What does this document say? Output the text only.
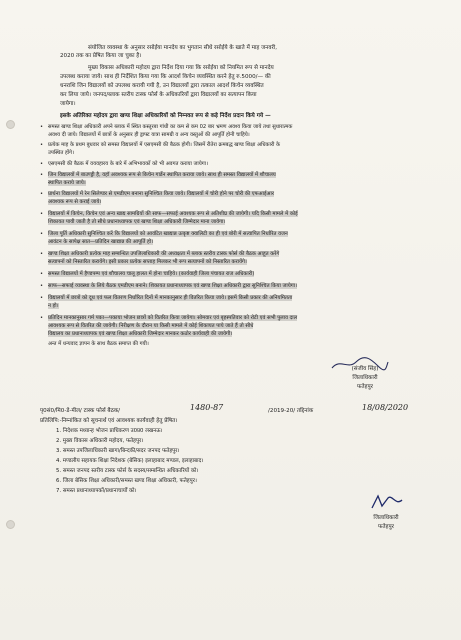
संयोजित व्यवस्था के अनुसार रसोईया मानदेय का भुगतान सीधे रसोईये के खाते में माह जनवरी,
2020 तक का प्रेषित किया जा चुका है।
मुख्य विकास अधिकारी महोदय द्वारा निर्देश दिया गया कि रसोईया को नियमित रूप से मानदेय
उपलब्ध कराया जाये। साथ ही निर्देशित किया गया कि आदर्श किचेन व्यवस्थित करने हेतु रु.5000/— की
धनराशि जिन विद्यालयों को उपलब्ध करायी गयी है, उन विद्यालयों द्वारा तत्काल आदर्श किचेन व्यवस्थित
कर लिया जाये। जनपद/ब्लाक स्तरीय टास्क फोर्स के अधिकारियों द्वारा विद्यालयों का सत्यापन किया
जायेगा।
इसके अतिरिक्त महोदय द्वारा खण्ड शिक्षा अधिकारियों को निम्नवत रूप से कड़े निर्देश प्रदान किये गये —
• समस्त खण्ड शिक्षा अधिकारी अपने ब्लाक में स्थित कस्तूरबा गांधी का कम से कम 02 बार भ्रमण अवश्य किया जाये तथा सुधारात्मक
अवश्य दी जाये। विद्यालयों में छात्रों के अनुसार ही ड्राफ्ट यात्रा सामग्री व अन्य वस्तुओं की आपूर्ति होनी चाहिये।
• प्रत्येक माह के प्रथम बुधवार को समस्त विद्यालयों में एसएमसी की बैठक होगी। जिसमें रीतेरा क्रमबद्ध खण्ड शिक्षा अधिकारी के
उपस्थित होंगे।
• एसएमसी की बैठक में वयवहारय के बारे में अभिभावकों को भी अवगत कराया जायेगा।
• जिन विद्यालयों में बाउण्ड्री है, वहाँ अवश्यक रूप से किचेन गार्डेन स्थापित कराया जाये। साथ ही समस्त विद्यालयों में शौचालय
स्थापित कराये जाये।
• प्रार्थना विद्यालयों में रेन सिलेण्डर से एमडीएम बनाना सुनिश्चित किया जाये। विद्यालयों में चोरी होने पर चोरी की एफआईआर
अवश्यक रूप से कराई जाये।
• विद्यालयों में किचेन, किचेन एवं अन्य खाद्य सामग्रियों की साफ—सफाई अवश्यक रूप से अतिशीघ्र की जायेगी। यदि किसी मामले में कोई
शिकायत पायी जाती है तो सीधे प्रधानाध्यापक एवं खण्ड शिक्षा अधिकारी जिम्मेदार माना जायेगा।
• जिला पूर्ति अधिकारी सुनिश्चित करें कि विद्यालयों को आवंटित खाद्यान्न उत्कृष्ट क्वालिटी का ही एवं बोरी में सत्यापित निर्धारित वजन
आवंटन के सापेक्ष सात—प्रतिदिन खाद्यान्न की आपूर्ति हो।
• खण्ड शिक्षा अधिकारी प्रत्येक माह सम्बन्धित उपजिलाधिकारी की अध्यक्षता में ब्लाक स्तरीय टास्क फोर्स की बैठक आहूत करेंगे
सत्यापनों को निस्तारित करायेंगे। इसी प्रकार प्रत्येक सप्ताह मिलकर भी रूप सत्यापनों को निस्तारित करायेंगे।
• समस्त विद्यालयों में हैण्डपम्प एवं शौचालय चालू हालत में होना चाहिये। (कार्यवाही जिला पंचायत राज अधिकारी)
• साफ—सफाई व्यवस्था के लिये बैठक एमडीएम बनाने। शिकायत प्रधानाध्यापक एवं खण्ड शिक्षा अधिकारी द्वारा सुनिश्चित किया जायेगा।
• विद्यालयों में छात्रों को दूध एवं फल वितरण निर्धारित दिनों में मानकानुसार ही वितरित किया जाये। इसमें किसी प्रकार की अनियमितता
न हो।
• प्रतिदिन मानकानुसार गर्म पका—पकाया भोजन छात्रों को वितरित किया जायेगा। सोमवार एवं बृहस्पतिवार को रोटी एवं सभी पुलाव दाल
आवश्यक रूप से वितरित की जायेगी। निरीक्षण के दौरान या किसी मामले में कोई शिकायत पाये जाते हैं तो सीधे
विद्यालय का प्रधानाध्यापक एवं खण्ड शिक्षा अधिकारी जिम्मेदार मानकर कठोर कार्यवाही की जायेगी।
अन्त में धन्यवाद ज्ञापन के साथ बैठक समाप्त की गयी।
(संजीव सिंह)
जिलाधिकारी
फतेहपुर
पृ0सं0/मि0-डे-मील/ टास्क फोर्स बैठक/	1480-87	/2019-20/ तद्दिनांक	18/08/2020
प्रतिलिपि:-निम्नांकित को सूचनार्थ एवं आवश्यक कार्यवाही हेतु प्रेषित।
1. निदेशक मध्यान्ह भोजन प्राधिकरण उ0प्र0 लखनऊ।
2. मुख्य विकास अधिकारी महोदय, फतेहपुर।
3. समस्त उपजिलाधिकारी खागा/बिन्दकी/सदर जनपद फतेहपुर।
4. मण्डलीय सहायक शिक्षा निदेशक (बेसिक) इलाहाबाद मण्डल, इलाहाबाद।
5. समस्त जनपद स्तरीय टास्क फोर्स के सदस्य/सम्बन्धित अधिकारियों को।
6. जिला बेसिक शिक्षा अधिकारी/समस्त खण्ड शिक्षा अधिकारी, फतेहपुर।
7. समस्त प्रधानाध्यापकों/प्रधानाचार्यों को।
जिलाधिकारी
फतेहपुर
